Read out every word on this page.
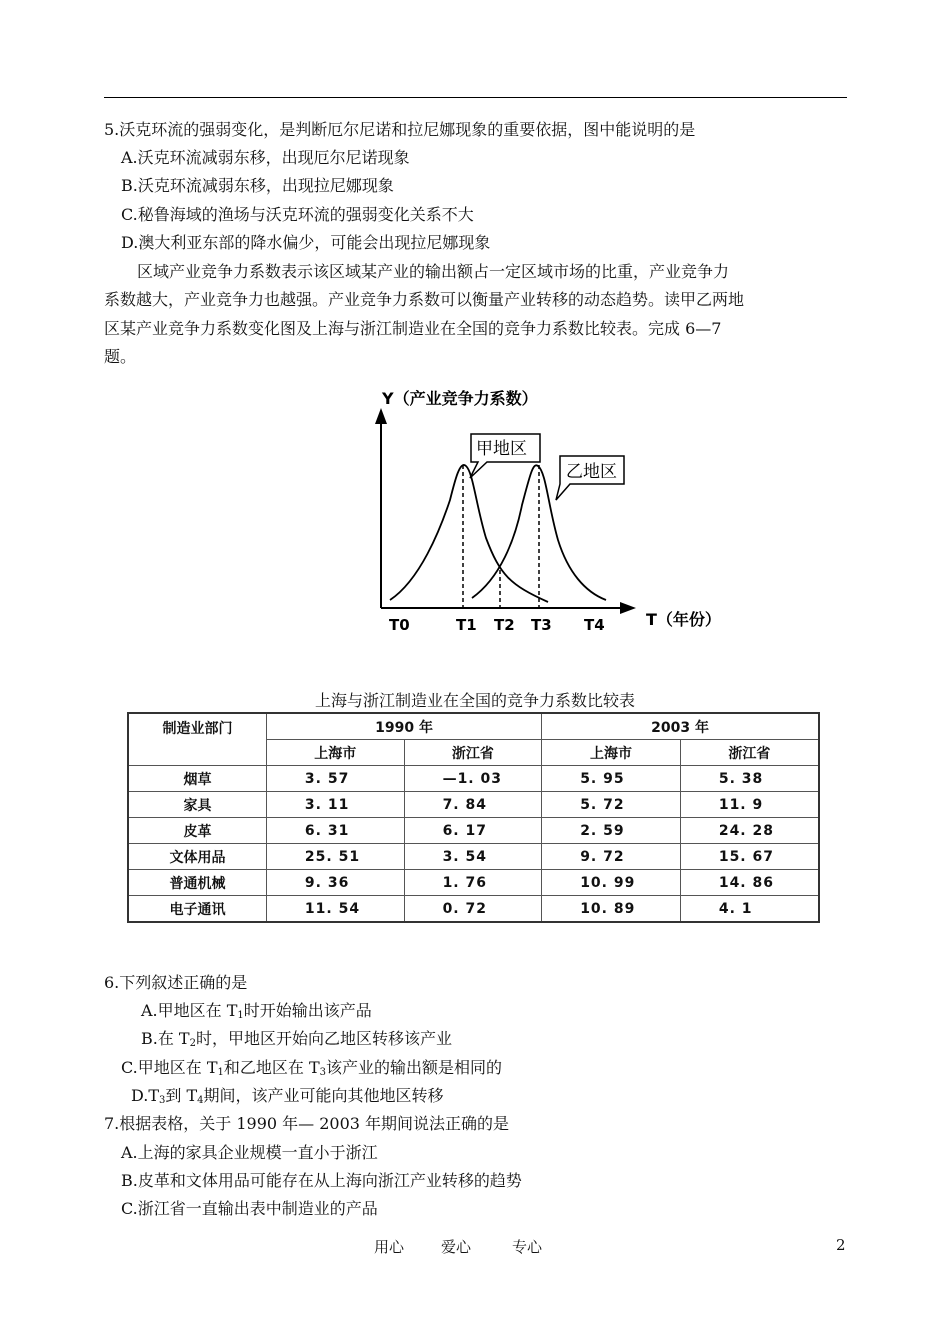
5.沃克环流的强弱变化，是判断厄尔尼诺和拉尼娜现象的重要依据，图中能说明的是
A.沃克环流减弱东移，出现厄尔尼诺现象
B.沃克环流减弱东移，出现拉尼娜现象
C.秘鲁海域的渔场与沃克环流的强弱变化关系不大
D.澳大利亚东部的降水偏少，可能会出现拉尼娜现象
区域产业竞争力系数表示该区域某产业的输出额占一定区域市场的比重，产业竞争力
系数越大，产业竞争力也越强。产业竞争力系数可以衡量产业转移的动态趋势。读甲乙两地
区某产业竞争力系数变化图及上海与浙江制造业在全国的竞争力系数比较表。完成 6—7
题。
Y（产业竞争力系数）
T（年份）
甲地区
乙地区
T0	T1 T2 T3 T4
上海与浙江制造业在全国的竞争力系数比较表
制造业部门	1990 年		2003 年	
	上海市	浙江省	上海市	浙江省
烟草	3. 57	—1. 03	5. 95	5. 38
家具	3. 11	7. 84	5. 72	11. 9
皮革	6. 31	6. 17	2. 59	24. 28
文体用品	25. 51	3. 54	9. 72	15. 67
普通机械	9. 36	1. 76	10. 99	14. 86
电子通讯	11. 54	0. 72	10. 89	4. 1
6.下列叙述正确的是
A.甲地区在 $T_1$时开始输出该产品
B.在 $T_2$时，甲地区开始向乙地区转移该产业
C.甲地区在 $T_1$和乙地区在 $T_3$该产业的输出额是相同的
$D.T_3$到 $T_4$期间，该产业可能向其他地区转移
7.根据表格，关于 1990 年— 2003 年期间说法正确的是
A.上海的家具企业规模一直小于浙江
B.皮革和文体用品可能存在从上海向浙江产业转移的趋势
C.浙江省一直输出表中制造业的产品
用心 爱心	专心	2
